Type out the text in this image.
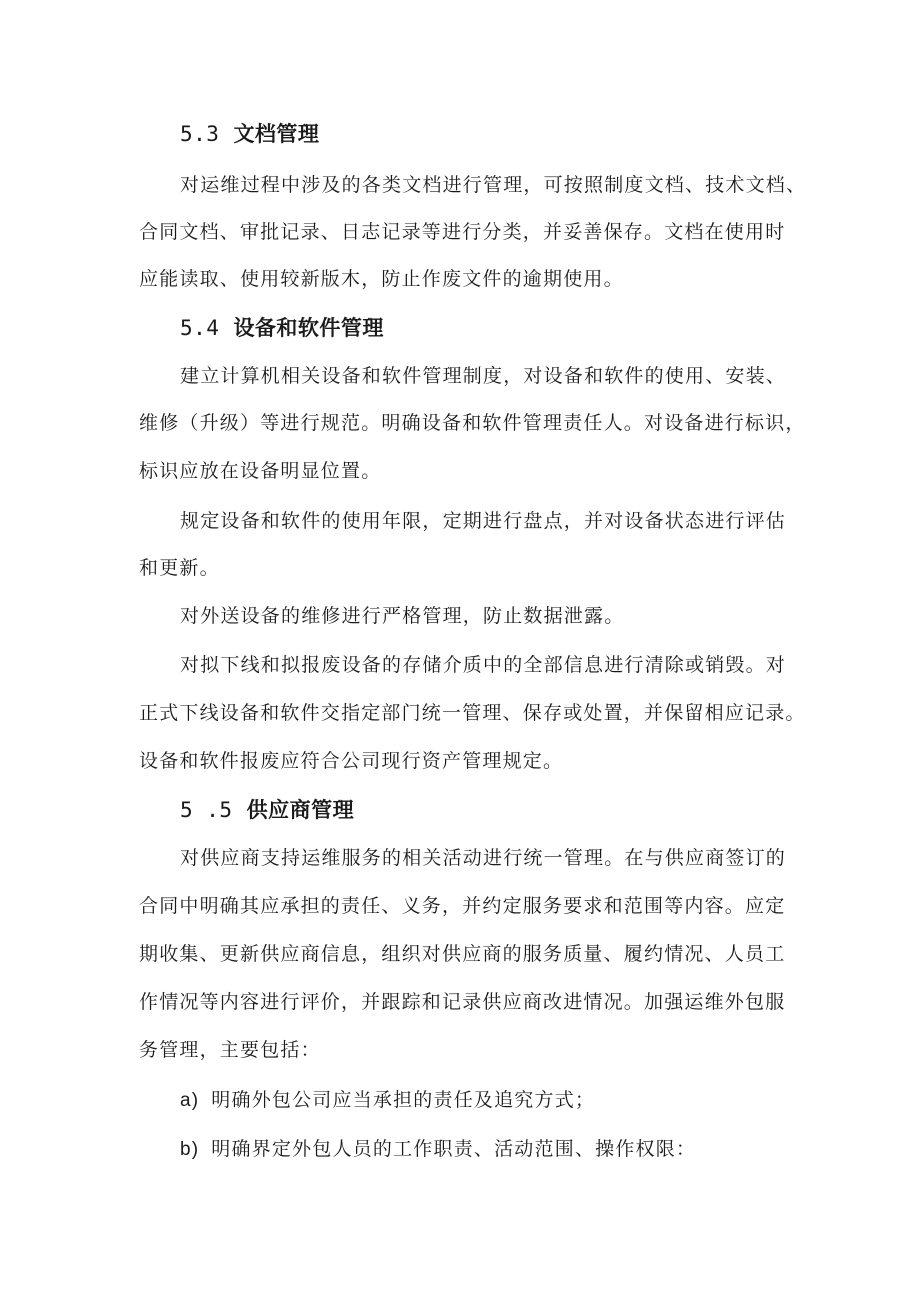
5.3 文档管理
对运维过程中涉及的各类文档进行管理，可按照制度文档、技术文档、
合同文档、审批记录、日志记录等进行分类，并妥善保存。文档在使用时
应能读取、使用较新版木，防止作废文件的逾期使用。
5.4 设备和软件管理
建立计算机相关设备和软件管理制度，对设备和软件的使用、安装、
维修（升级）等进行规范。明确设备和软件管理责任人。对设备进行标识，
标识应放在设备明显位置。
规定设备和软件的使用年限，定期进行盘点，并对设备状态进行评估
和更新。
对外送设备的维修进行严格管理，防止数据泄露。
对拟下线和拟报废设备的存储介质中的全部信息进行清除或销毁。对
正式下线设备和软件交指定部门统一管理、保存或处置，并保留相应记录。
设备和软件报废应符合公司现行资产管理规定。
5 .5 供应商管理
对供应商支持运维服务的相关活动进行统一管理。在与供应商签订的
合同中明确其应承担的责任、义务，并约定服务要求和范围等内容。应定
期收集、更新供应商信息，组织对供应商的服务质量、履约情况、人员工
作情况等内容进行评价，并跟踪和记录供应商改进情况。加强运维外包服
务管理，主要包括：
a) 明确外包公司应当承担的责任及追究方式；
b) 明确界定外包人员的工作职责、活动范围、操作权限：
